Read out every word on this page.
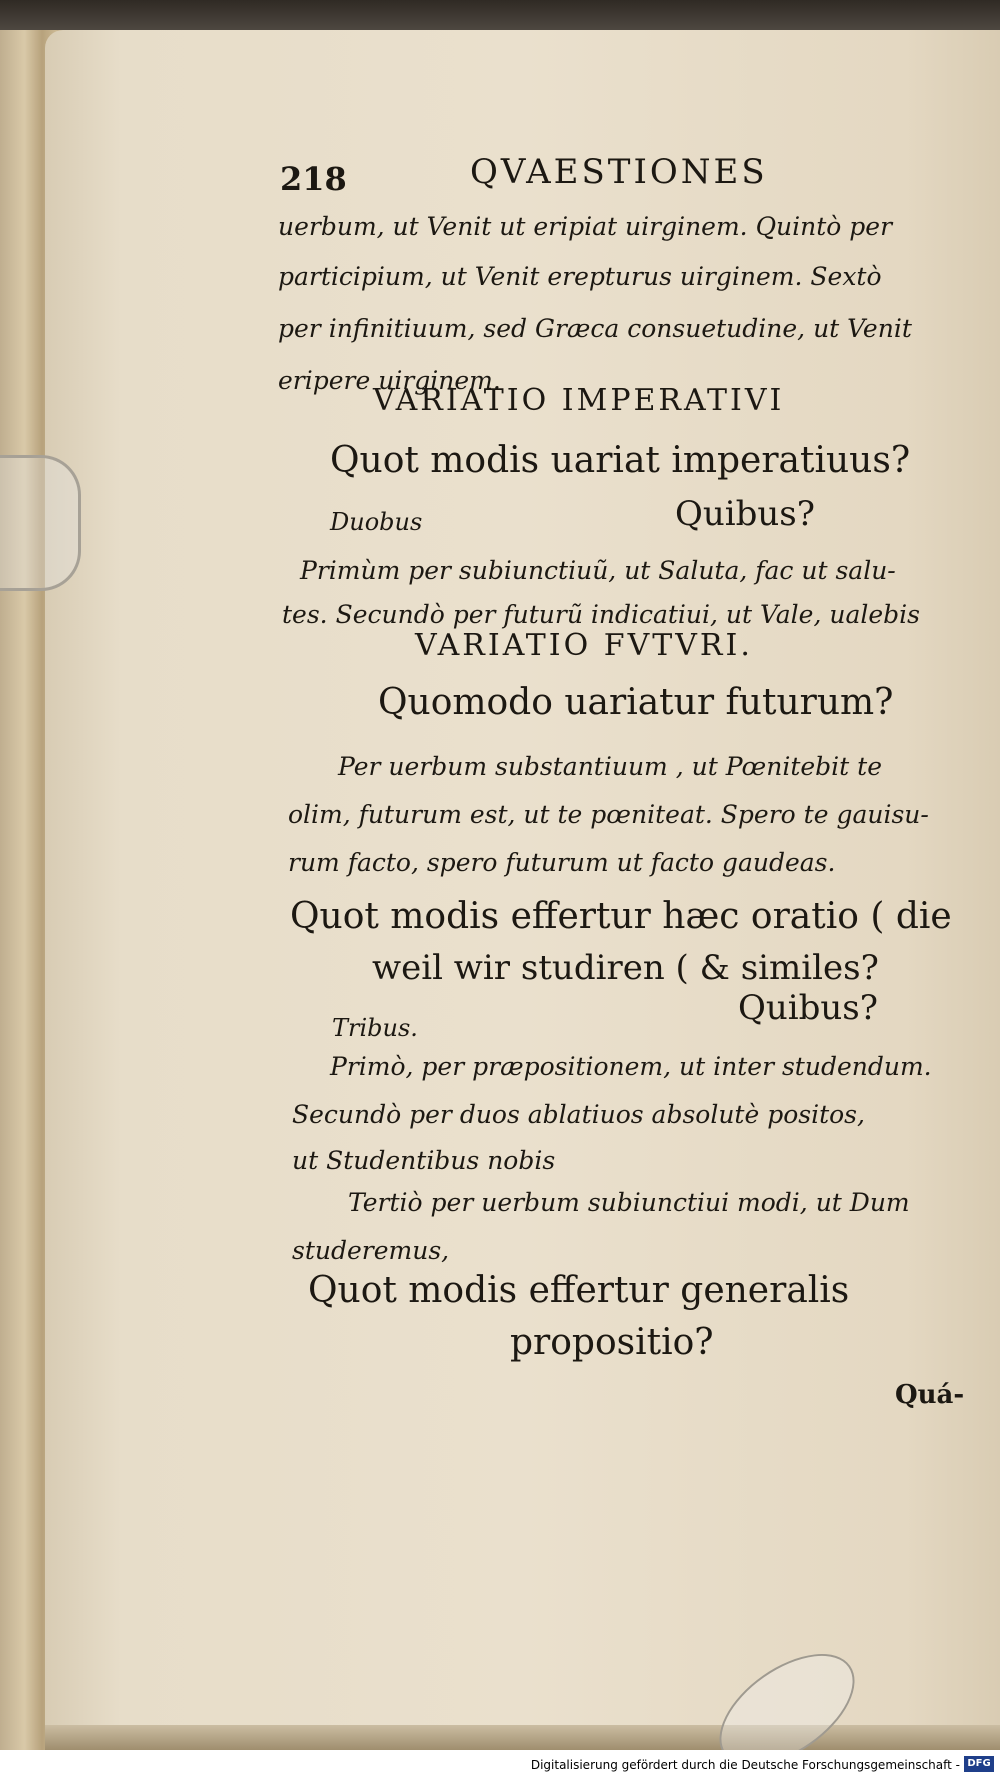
218	QVAESTIONES
uerbum, ut Venit ut eripiat uirginem. Quintò per
participium, ut Venit erepturus uirginem. Sextò
per infinitiuum, sed Græca consuetudine, ut Venit
eripere uirginem.
VARIATIO IMPERATIVI
Quot modis uariat imperatiuus?
Duobus	Quibus?
Primùm per subiunctiuũ, ut Saluta, fac ut salu-
tes. Secundò per futurũ indicatiui, ut Vale, ualebis
VARIATIO FVTVRI.
Quomodo uariatur futurum?
Per uerbum substantiuum , ut Pœnitebit te
olim, futurum est, ut te pœniteat. Spero te gauisu-
rum facto, spero futurum ut facto gaudeas.
Quot modis effertur hæc oratio ( die
weil wir studiren ( & similes?
Tribus.	Quibus?
Primò, per præpositionem, ut inter studendum.
Secundò per duos ablatiuos absolutè positos,
ut Studentibus nobis
Tertiò per uerbum subiunctiui modi, ut Dum
studeremus,
Quot modis effertur generalis
propositio?
Quá-
Digitalisierung gefördert durch die Deutsche Forschungsgemeinschaft - DFG
